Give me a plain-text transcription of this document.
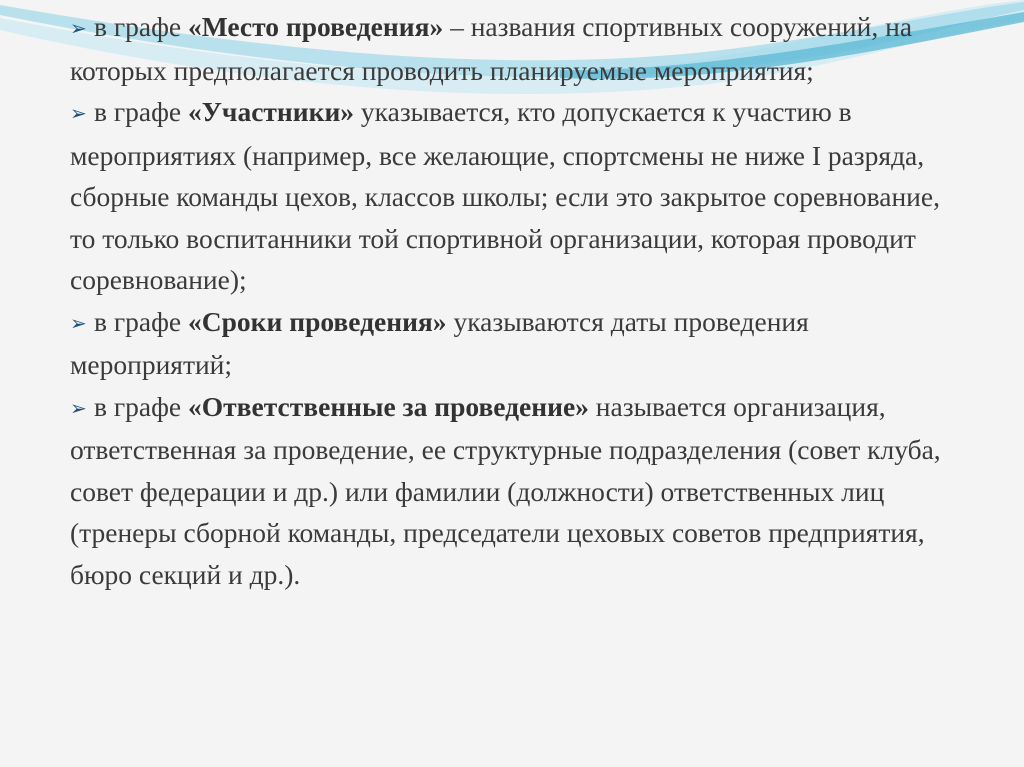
➢ в графе «Место проведения» – названия спортивных сооружений, на которых предполагается проводить планируемые мероприятия;

➢ в графе «Участники» указывается, кто допускается к участию в мероприятиях (например, все желающие, спортсмены не ниже I разряда, сборные команды цехов, классов школы; если это закрытое соревнование, то только воспитанники той спортивной организации, которая проводит соревнование);

➢ в графе «Сроки проведения» указываются даты проведения мероприятий;

➢ в графе «Ответственные за проведение» называется организация, ответственная за проведение, ее структурные подразделения (совет клуба, совет федерации и др.) или фамилии (должности) ответственных лиц (тренеры сборной команды, председатели цеховых советов предприятия, бюро секций и др.).
